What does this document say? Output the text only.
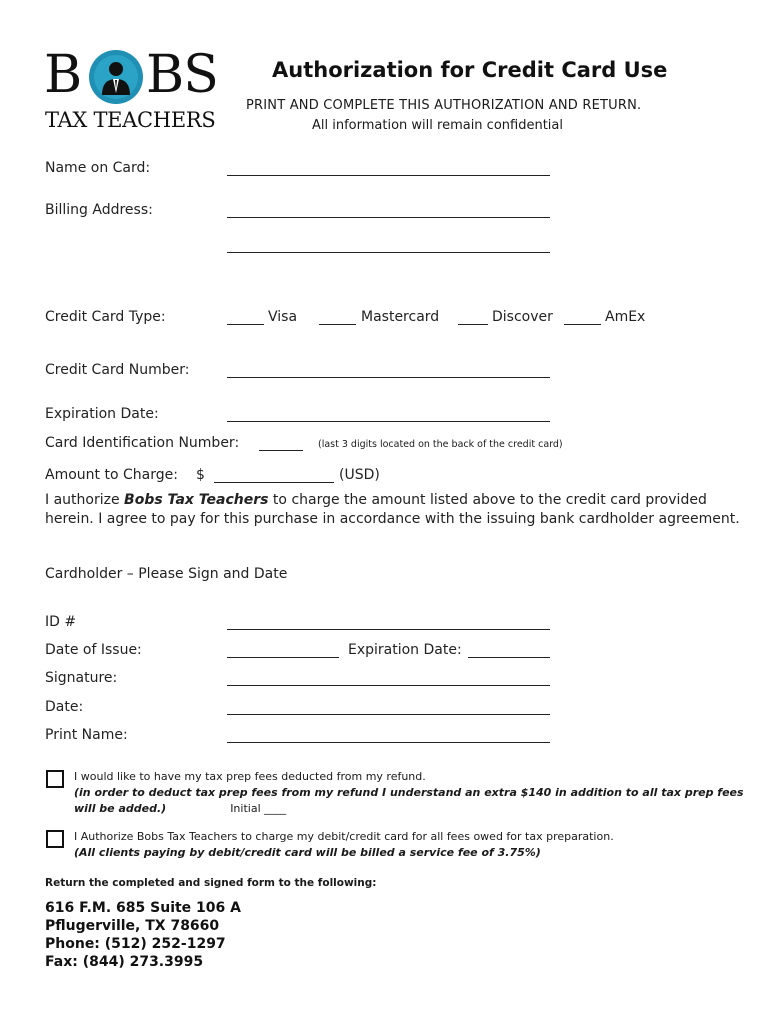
B BS
TAX TEACHERS
Authorization for Credit Card Use
PRINT AND COMPLETE THIS AUTHORIZATION AND RETURN.
All information will remain confidential
Name on Card:
Billing Address:
Credit Card Type:	Visa	Mastercard	Discover	AmEx
Credit Card Number:
Expiration Date:
Card Identification Number:	(last 3 digits located on the back of the credit card)
Amount to Charge: $	(USD)
I authorize Bobs Tax Teachers to charge the amount listed above to the credit card provided herein. I agree to pay for this purchase in accordance with the issuing bank cardholder agreement.
Cardholder – Please Sign and Date
ID #
Date of Issue:	Expiration Date:
Signature:
Date:
Print Name:
I would like to have my tax prep fees deducted from my refund.
(in order to deduct tax prep fees from my refund I understand an extra $140 in addition to all tax prep fees
will be added.)	Initial ____
I Authorize Bobs Tax Teachers to charge my debit/credit card for all fees owed for tax preparation.
(All clients paying by debit/credit card will be billed a service fee of 3.75%)
Return the completed and signed form to the following:
616 F.M. 685 Suite 106 A
Pflugerville, TX 78660
Phone: (512) 252-1297
Fax: (844) 273.3995
